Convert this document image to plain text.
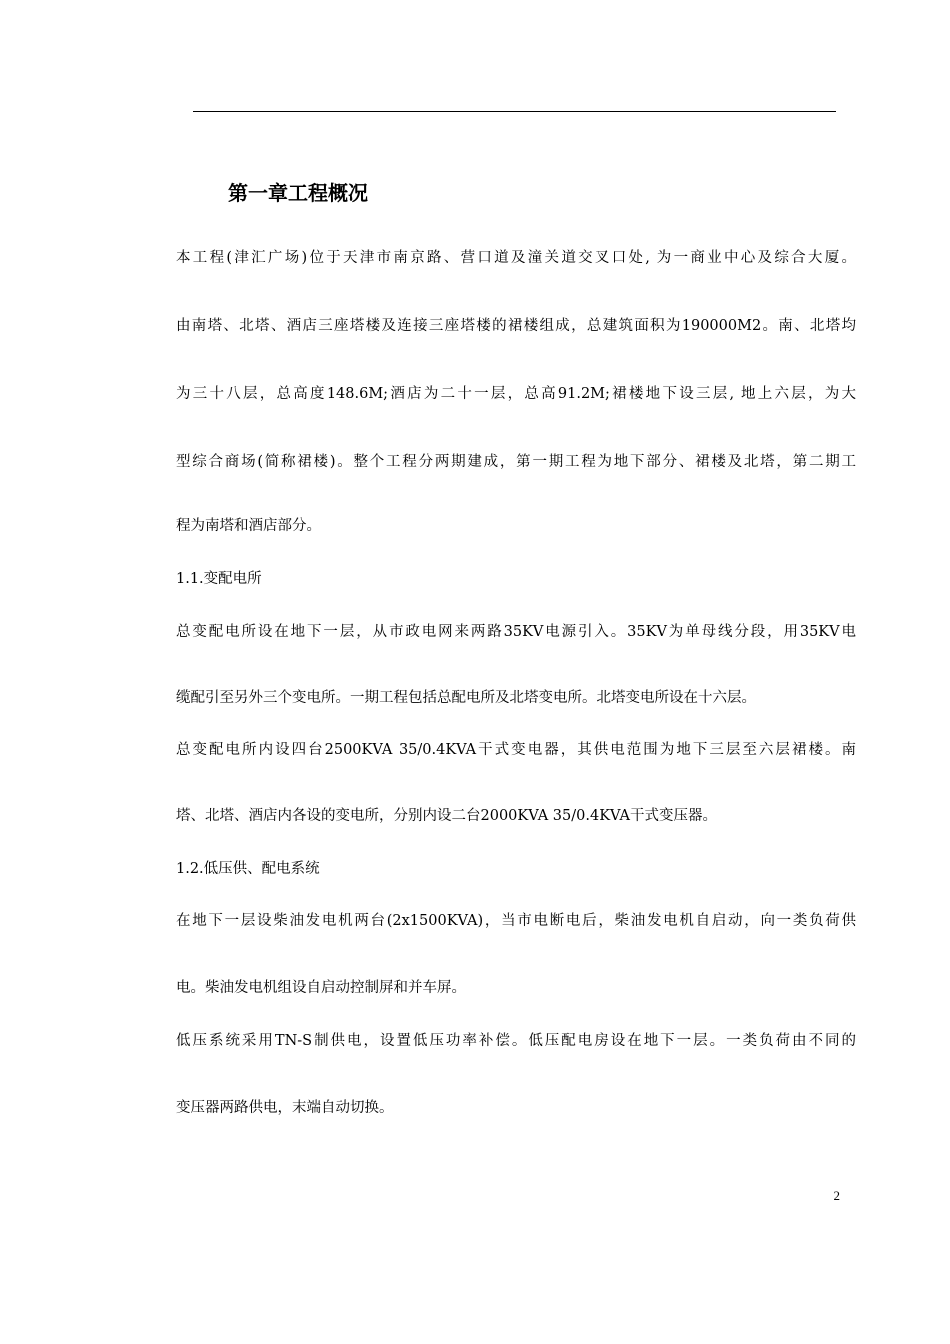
第一章工程概况
本工程(津汇广场)位于天津市南京路、营口道及潼关道交叉口处, 为一商业中心及综合大厦。
由南塔、北塔、酒店三座塔楼及连接三座塔楼的裙楼组成，总建筑面积为190000M2。南、北塔均
为三十八层，总高度148.6M;酒店为二十一层，总高91.2M;裙楼地下设三层, 地上六层，为大
型综合商场(简称裙楼)。整个工程分两期建成，第一期工程为地下部分、裙楼及北塔，第二期工
程为南塔和酒店部分。
1.1.变配电所
总变配电所设在地下一层，从市政电网来两路35KV电源引入。35KV为单母线分段，用35KV电
缆配引至另外三个变电所。一期工程包括总配电所及北塔变电所。北塔变电所设在十六层。
总变配电所内设四台2500KVA 35/0.4KVA干式变电器，其供电范围为地下三层至六层裙楼。南
塔、北塔、酒店内各设的变电所，分别内设二台2000KVA 35/0.4KVA干式变压器。
1.2.低压供、配电系统
在地下一层设柴油发电机两台(2x1500KVA)，当市电断电后，柴油发电机自启动，向一类负荷供
电。柴油发电机组设自启动控制屏和并车屏。
低压系统采用TN-S制供电，设置低压功率补偿。低压配电房设在地下一层。一类负荷由不同的
变压器两路供电，末端自动切换。
2
